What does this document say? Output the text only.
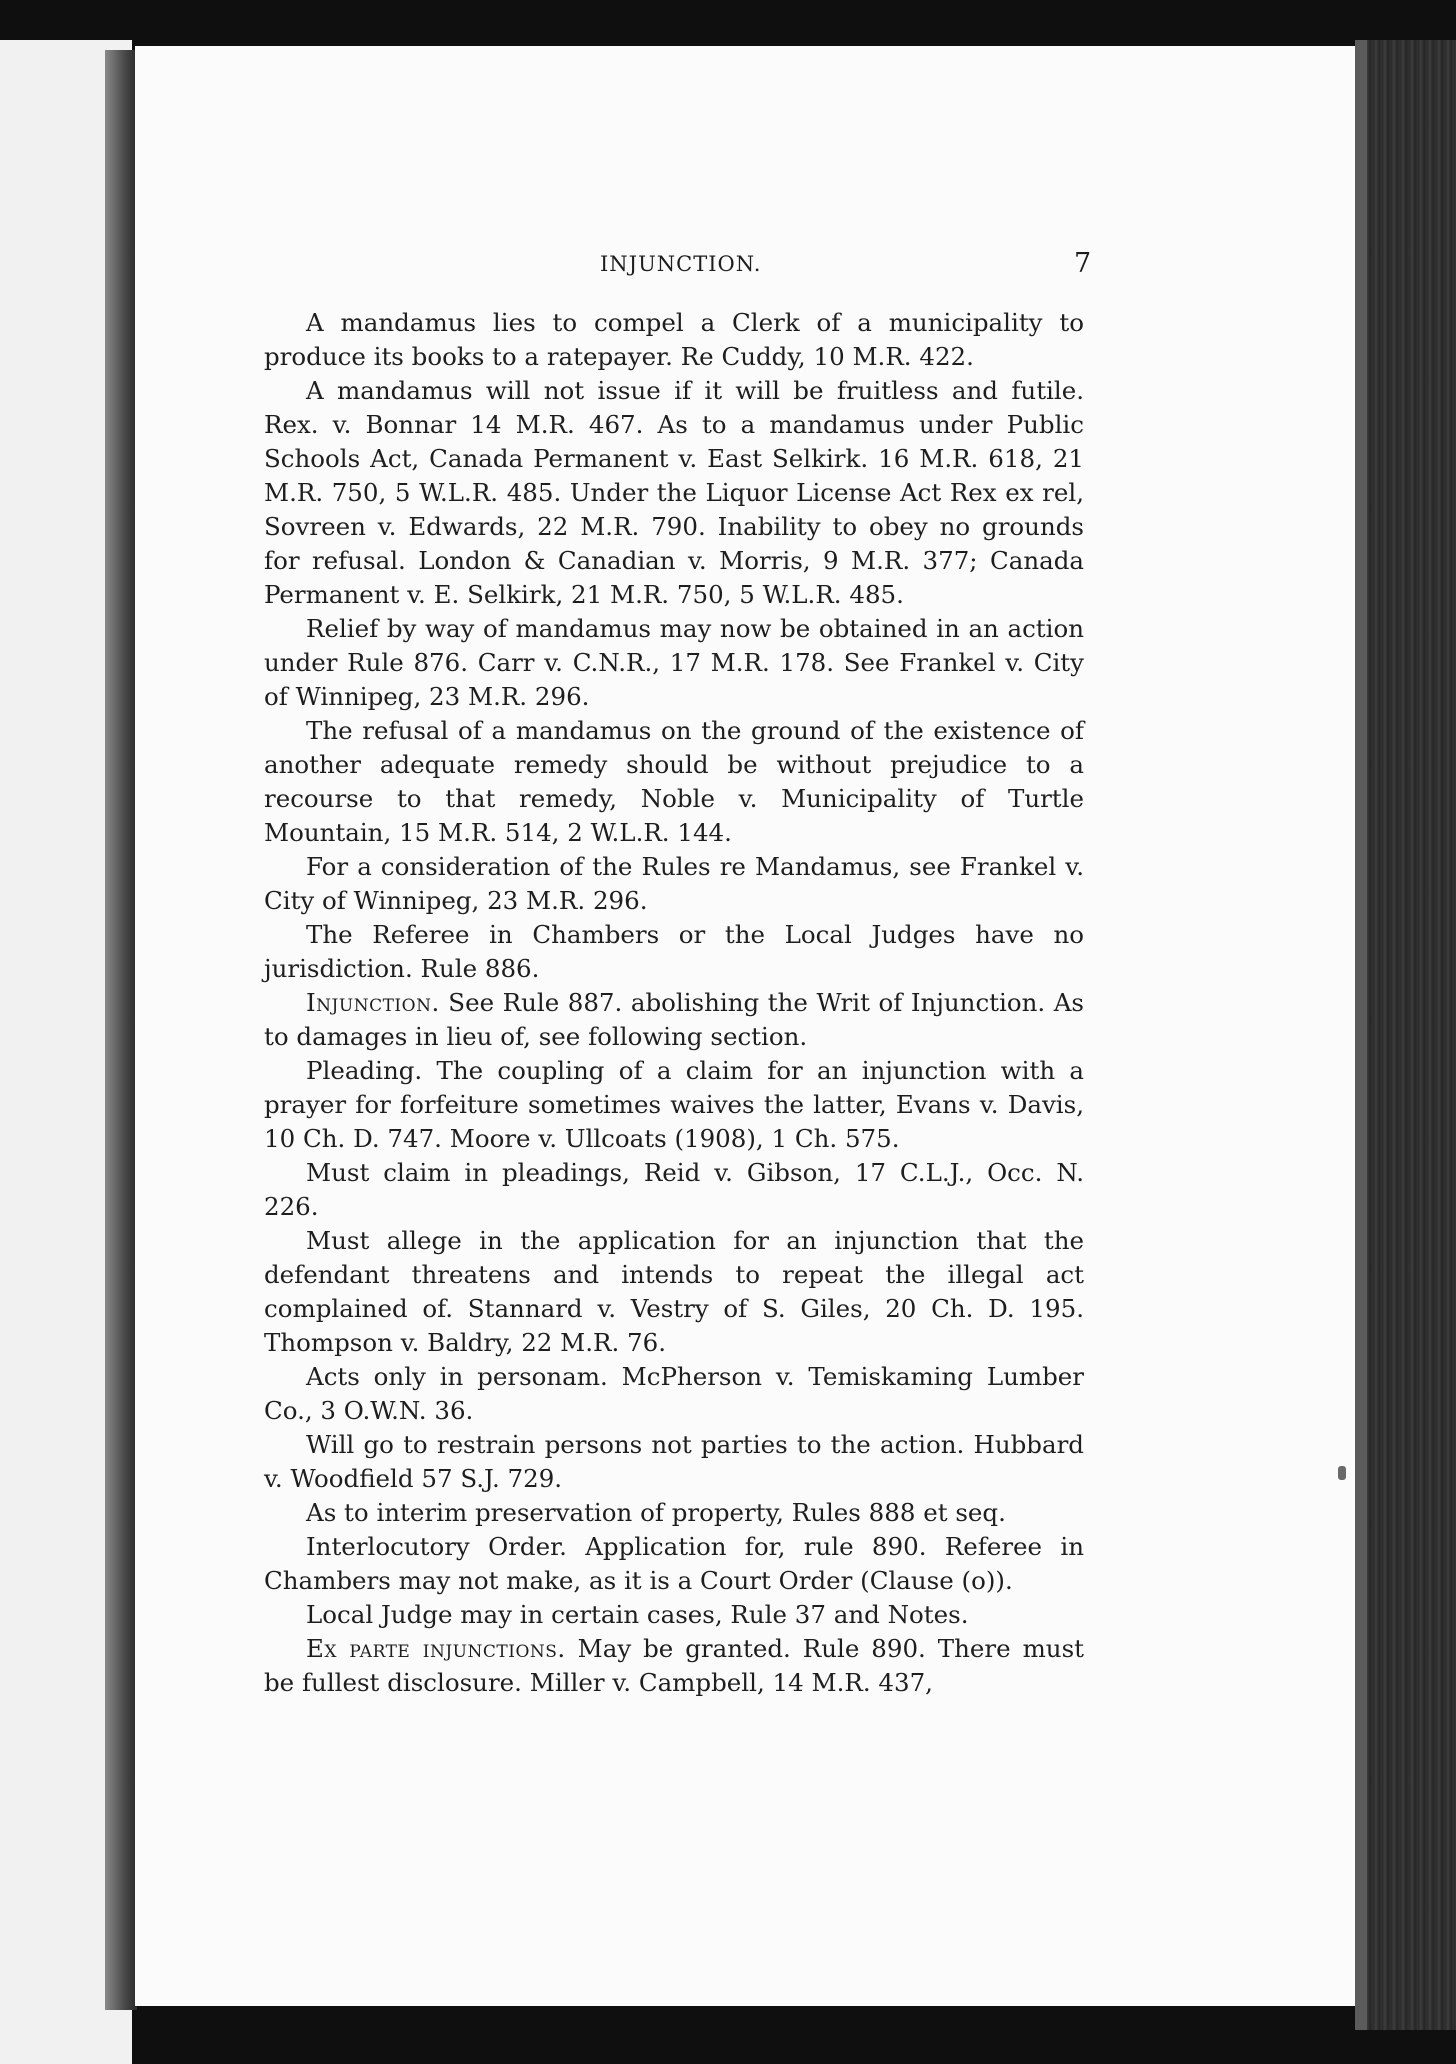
INJUNCTION.	7

A mandamus lies to compel a Clerk of a municipality to produce its books to a ratepayer. Re Cuddy, 10 M.R. 422.

A mandamus will not issue if it will be fruitless and futile. Rex. v. Bonnar 14 M.R. 467. As to a mandamus under Public Schools Act, Canada Permanent v. East Selkirk. 16 M.R. 618, 21 M.R. 750, 5 W.L.R. 485. Under the Liquor License Act Rex ex rel, Sovreen v. Edwards, 22 M.R. 790. Inability to obey no grounds for refusal. London & Canadian v. Morris, 9 M.R. 377; Canada Permanent v. E. Selkirk, 21 M.R. 750, 5 W.L.R. 485.

Relief by way of mandamus may now be obtained in an action under Rule 876. Carr v. C.N.R., 17 M.R. 178. See Frankel v. City of Winnipeg, 23 M.R. 296.

The refusal of a mandamus on the ground of the existence of another adequate remedy should be without prejudice to a recourse to that remedy, Noble v. Municipality of Turtle Mountain, 15 M.R. 514, 2 W.L.R. 144.

For a consideration of the Rules re Mandamus, see Frankel v. City of Winnipeg, 23 M.R. 296.

The Referee in Chambers or the Local Judges have no jurisdiction. Rule 886.

Injunction. See Rule 887. abolishing the Writ of Injunction. As to damages in lieu of, see following section.

Pleading. The coupling of a claim for an injunction with a prayer for forfeiture sometimes waives the latter, Evans v. Davis, 10 Ch. D. 747. Moore v. Ullcoats (1908), 1 Ch. 575.

Must claim in pleadings, Reid v. Gibson, 17 C.L.J., Occ. N. 226.

Must allege in the application for an injunction that the defendant threatens and intends to repeat the illegal act complained of. Stannard v. Vestry of S. Giles, 20 Ch. D. 195. Thompson v. Baldry, 22 M.R. 76.

Acts only in personam. McPherson v. Temiskaming Lumber Co., 3 O.W.N. 36.

Will go to restrain persons not parties to the action. Hubbard v. Woodfield 57 S.J. 729.

As to interim preservation of property, Rules 888 et seq.

Interlocutory Order. Application for, rule 890. Referee in Chambers may not make, as it is a Court Order (Clause (o)).

Local Judge may in certain cases, Rule 37 and Notes.

Ex parte injunctions. May be granted. Rule 890. There must be fullest disclosure. Miller v. Campbell, 14 M.R. 437,
